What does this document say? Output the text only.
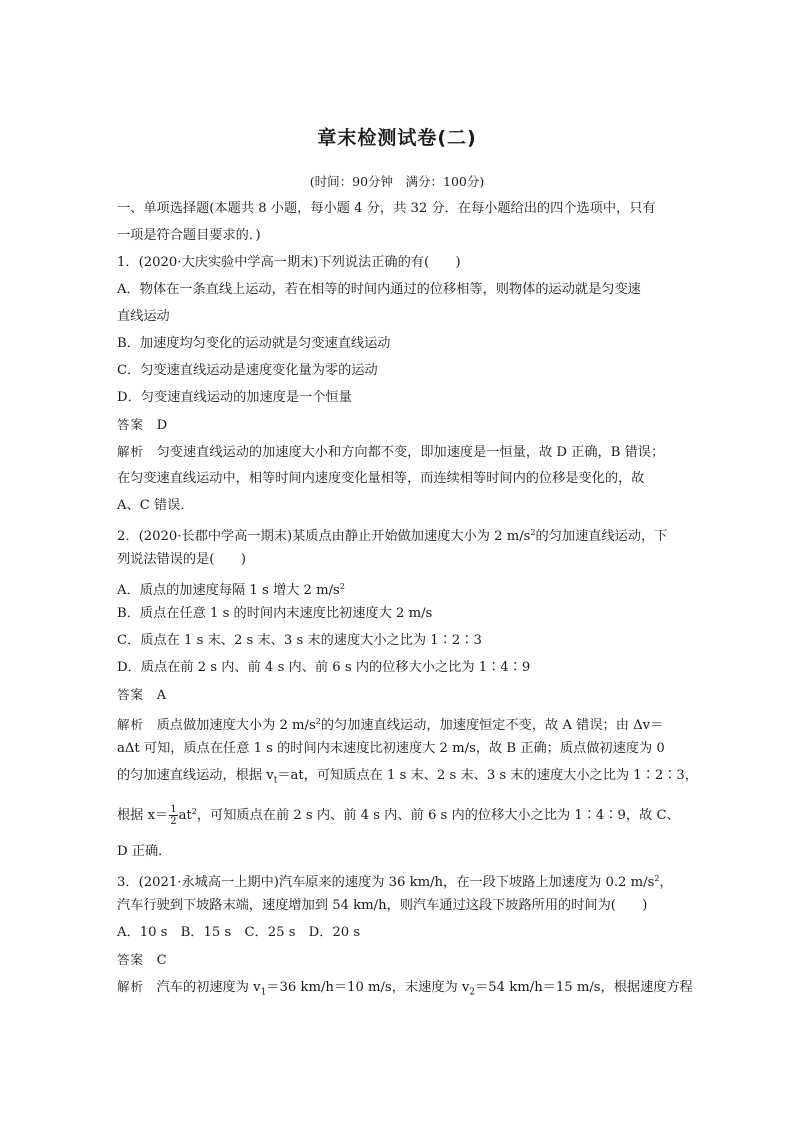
章末检测试卷(二)
(时间：90分钟　满分：100分)
一、单项选择题(本题共 8 小题，每小题 4 分，共 32 分．在每小题给出的四个选项中，只有
一项是符合题目要求的．)
1．(2020·大庆实验中学高一期末)下列说法正确的有(　　)
A．物体在一条直线上运动，若在相等的时间内通过的位移相等，则物体的运动就是匀变速
直线运动
B．加速度均匀变化的运动就是匀变速直线运动
C．匀变速直线运动是速度变化量为零的运动
D．匀变速直线运动的加速度是一个恒量
答案 D
解析 匀变速直线运动的加速度大小和方向都不变，即加速度是一恒量，故 D 正确，B 错误；
在匀变速直线运动中，相等时间内速度变化量相等，而连续相等时间内的位移是变化的，故
A、C 错误．
2．(2020·长郡中学高一期末)某质点由静止开始做加速度大小为 2 $m/s^2$的匀加速直线运动，下
列说法错误的是(　　)
A．质点的加速度每隔 1 s 增大 2 $m/s^2$
B．质点在任意 1 s 的时间内末速度比初速度大 2 m/s
C．质点在 1 s 末、2 s 末、3 s 末的速度大小之比为 1∶2∶3
D．质点在前 2 s 内、前 4 s 内、前 6 s 内的位移大小之比为 1∶4∶9
答案 A
解析 质点做加速度大小为 2 $m/s^2$的匀加速直线运动，加速度恒定不变，故 A 错误；由 Δv＝
aΔt 可知，质点在任意 1 s 的时间内末速度比初速度大 2 m/s，故 B 正确；质点做初速度为 0
的匀加速直线运动，根据 $v_t=at$，可知质点在 1 s 末、2 s 末、3 s 末的速度大小之比为 1∶2∶3，
根据 $x= \frac{1}{2} at^2$，可知质点在前 2 s 内、前 4 s 内、前 6 s 内的位移大小之比为 1∶4∶9，故 C、
D 正确．
3．(2021·永城高一上期中)汽车原来的速度为 36 km/h，在一段下坡路上加速度为 0.2 $m/s^2$，
汽车行驶到下坡路末端，速度增加到 54 km/h，则汽车通过这段下坡路所用的时间为(　　)
A．10 s　B．15 s　C．25 s　D．20 s
答案 C
解析 汽车的初速度为 $v_1=36$ km/h＝10 m/s，末速度为 $v_2=54$ km/h＝15 m/s，根据速度方程
